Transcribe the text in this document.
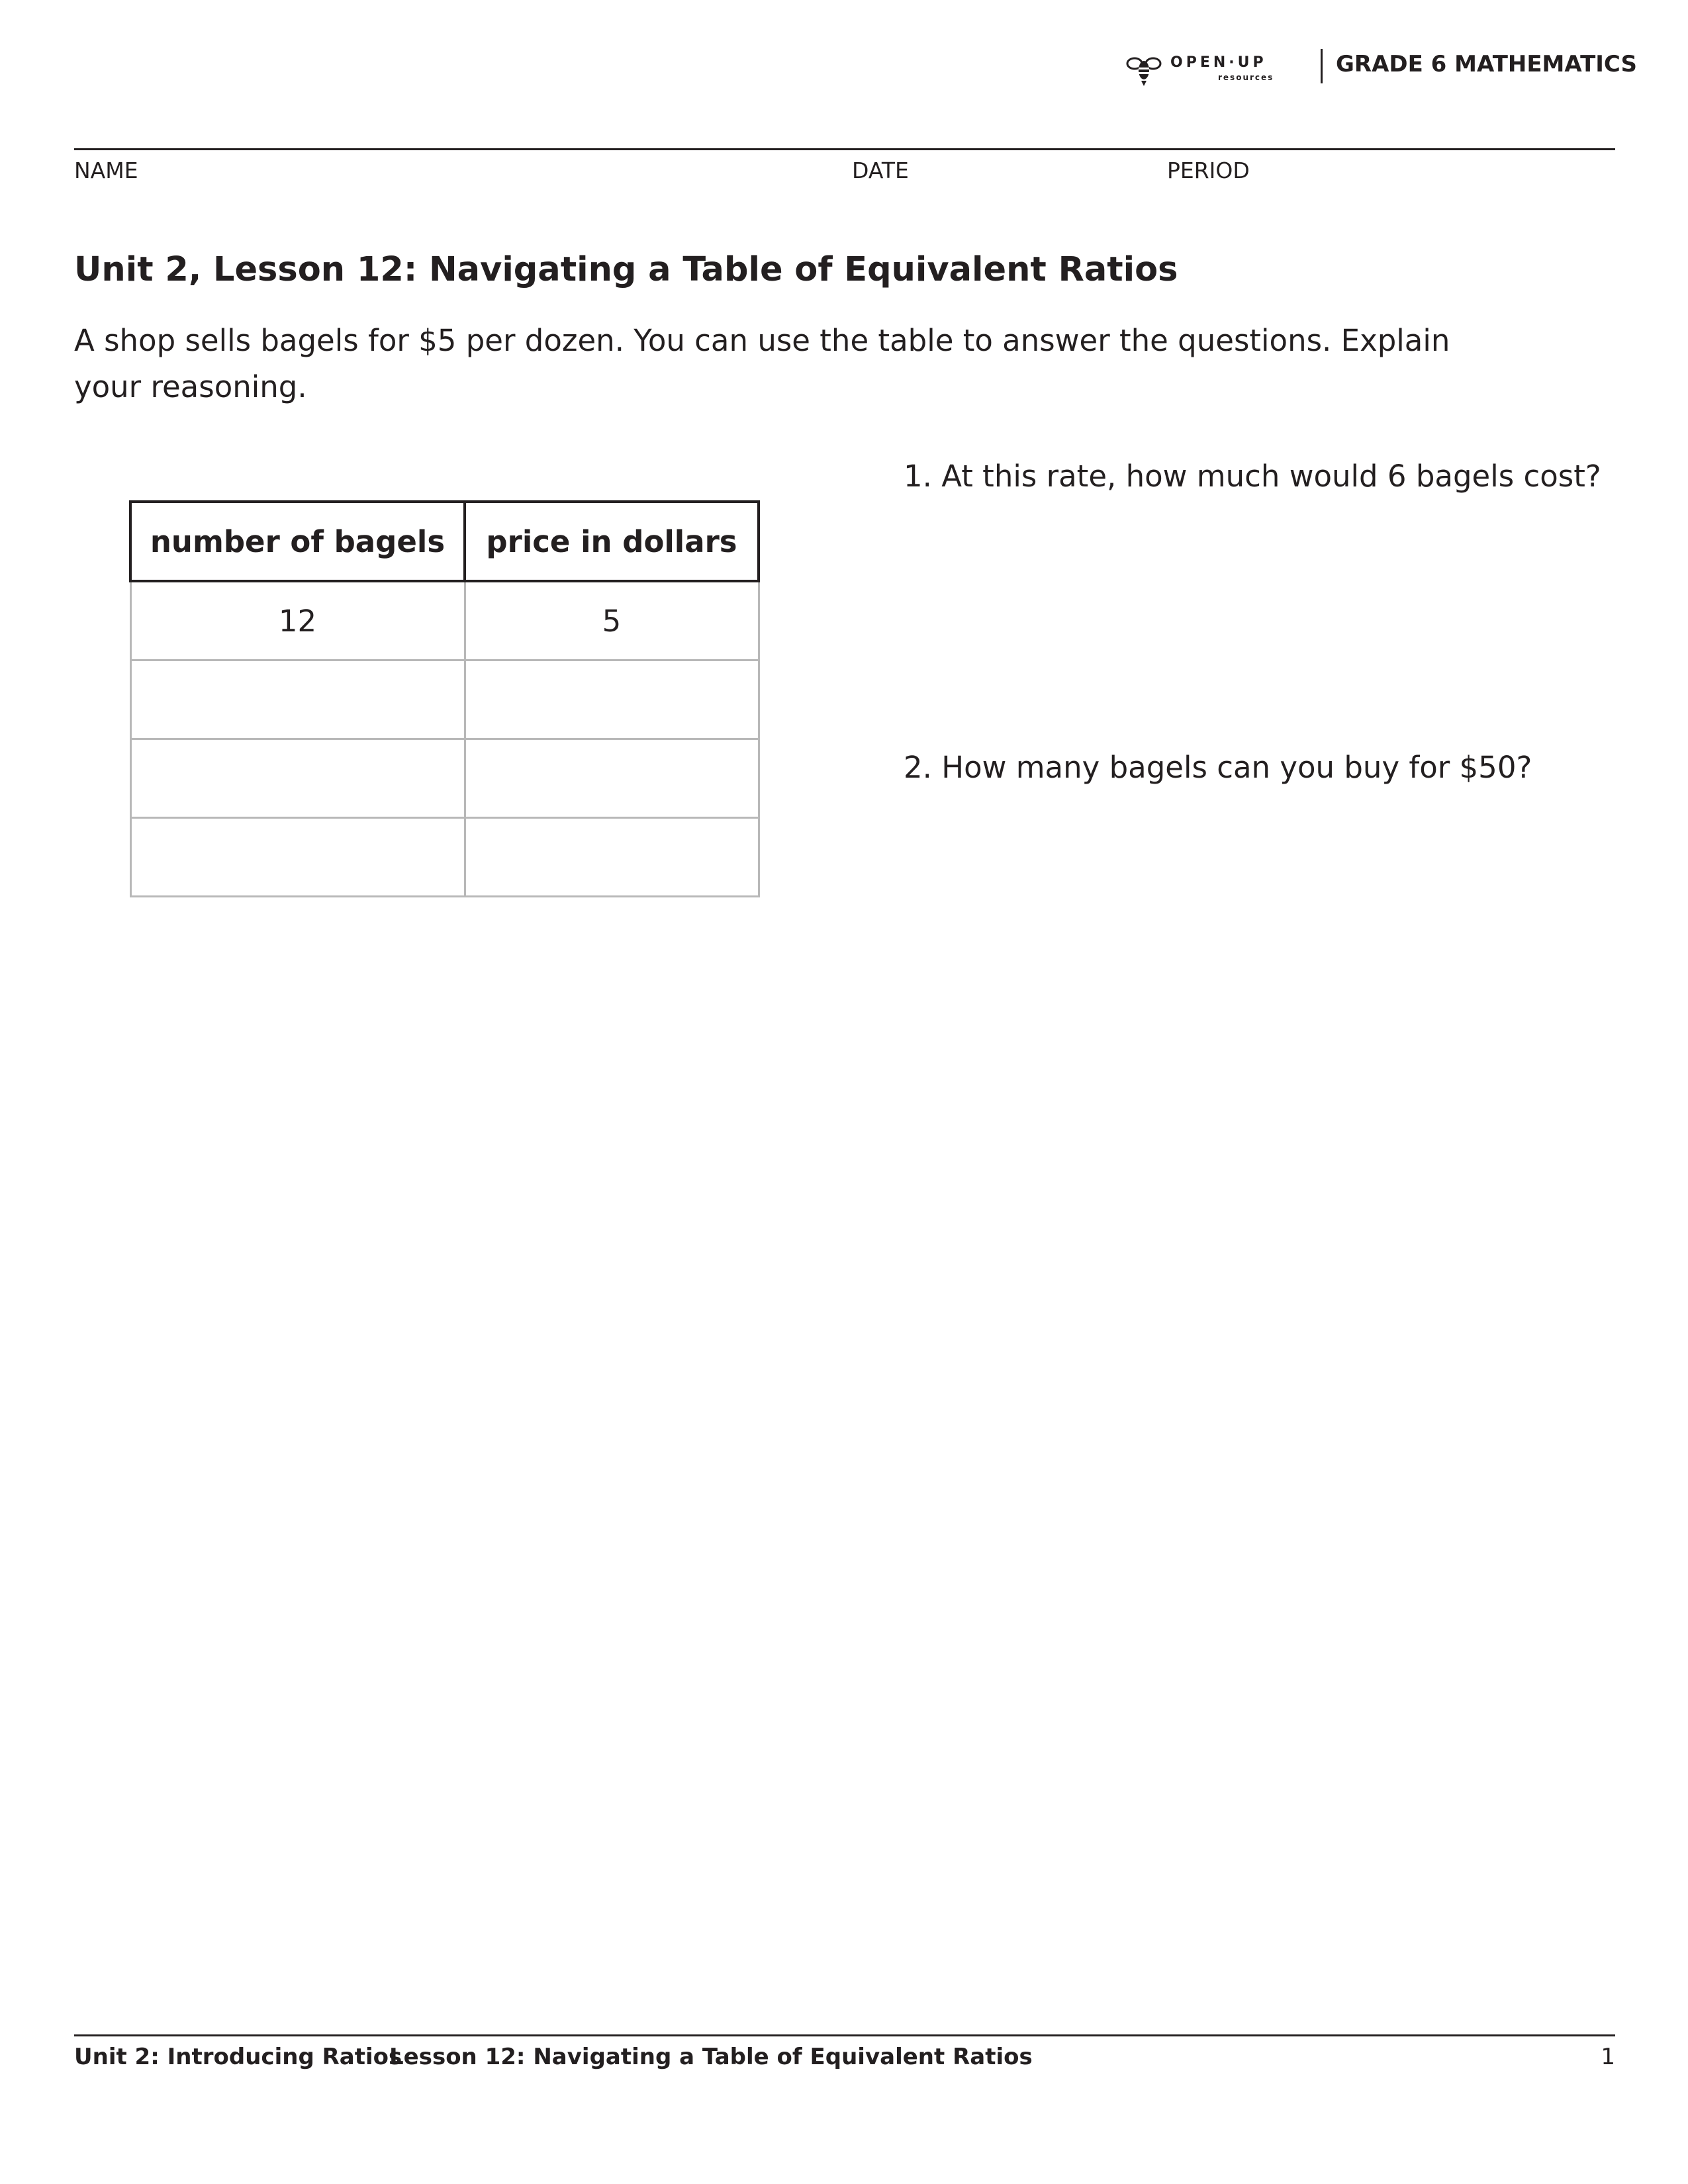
OPEN·UP
resources	GRADE 6 MATHEMATICS
NAME	DATE	PERIOD
Unit 2, Lesson 12: Navigating a Table of Equivalent Ratios
A shop sells bagels for $5 per dozen. You can use the table to answer the questions. Explain your reasoning.
number of bagels	price in dollars
12	5

1. At this rate, how much would 6 bagels cost?
2. How many bagels can you buy for $50?
Unit 2: Introducing Ratios
Lesson 12: Navigating a Table of Equivalent Ratios	1
